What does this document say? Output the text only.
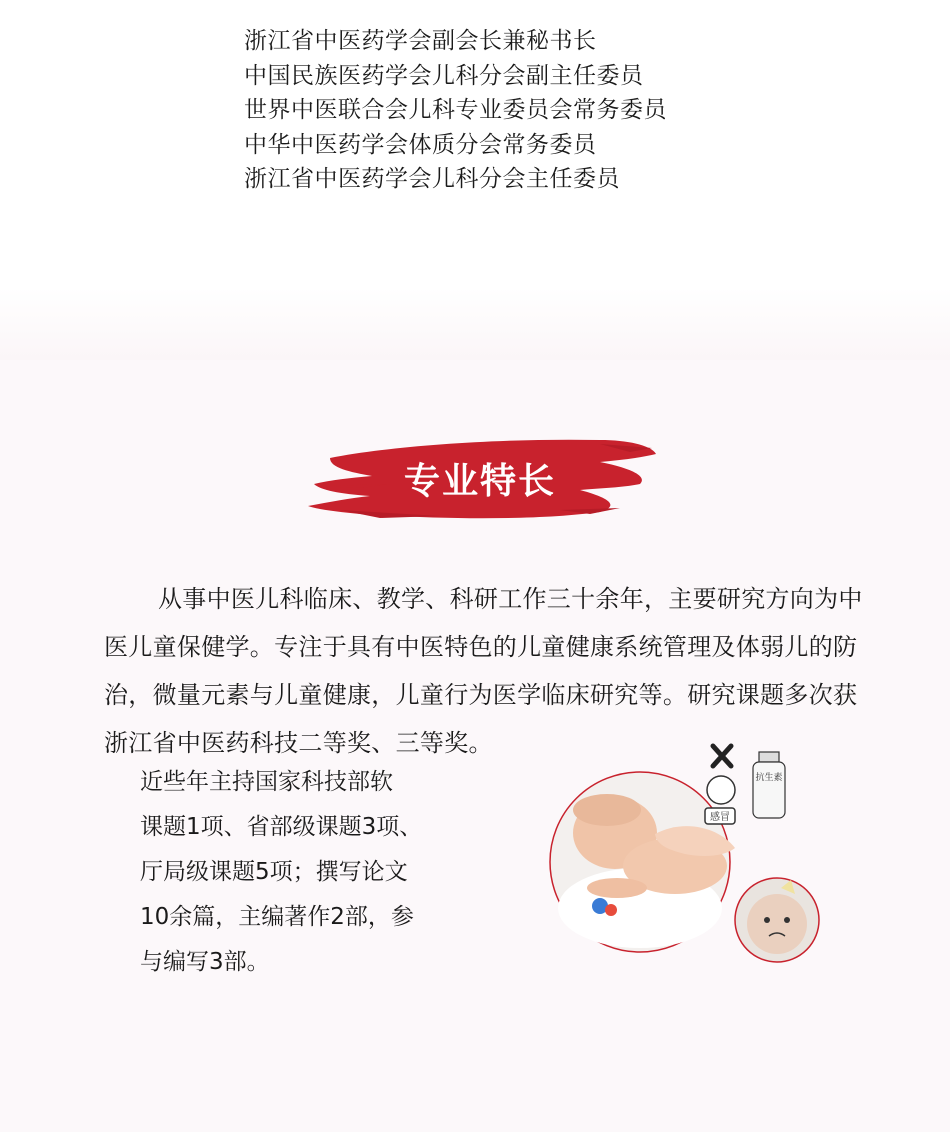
浙江省中医药学会副会长兼秘书长
中国民族医药学会儿科分会副主任委员
世界中医联合会儿科专业委员会常务委员
中华中医药学会体质分会常务委员
浙江省中医药学会儿科分会主任委员
专业特长

从事中医儿科临床、教学、科研工作三十余年，主要研究方向为中医儿童保健学。专注于具有中医特色的儿童健康系统管理及体弱儿的防治，微量元素与儿童健康，儿童行为医学临床研究等。研究课题多次获浙江省中医药科技二等奖、三等奖。

近些年主持国家科技部软
课题1项、省部级课题3项、
厅局级课题5项；撰写论文
10余篇，主编著作2部，参
与编写3部。
感冒
抗生素
